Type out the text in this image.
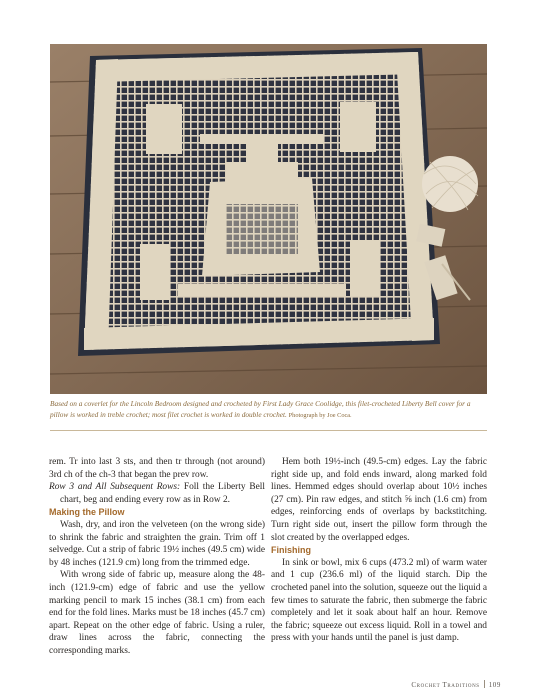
Based on a coverlet for the Lincoln Bedroom designed and crocheted by First Lady Grace Coolidge, this filet-crocheted Liberty Bell cover for a pillow is worked in treble crochet; most filet crochet is worked in double crochet. Photograph by Joe Coca.

rem. Tr into last 3 sts, and then tr through (not around) 3rd ch of the ch-3 that began the prev row.

Row 3 and All Subsequent Rows: Foll the Liberty Bell chart, beg and ending every row as in Row 2.

Making the Pillow

Wash, dry, and iron the velveteen (on the wrong side) to shrink the fabric and straighten the grain. Trim off 1 selvedge. Cut a strip of fabric 19½ inches (49.5 cm) wide by 48 inches (121.9 cm) long from the trimmed edge.

With wrong side of fabric up, measure along the 48-inch (121.9-cm) edge of fabric and use the yellow marking pencil to mark 15 inches (38.1 cm) from each end for the fold lines. Marks must be 18 inches (45.7 cm) apart. Repeat on the other edge of fabric. Using a ruler, draw lines across the fabric, connecting the corresponding marks.

Hem both 19½-inch (49.5-cm) edges. Lay the fabric right side up, and fold ends inward, along marked fold lines. Hemmed edges should overlap about 10½ inches (27 cm). Pin raw edges, and stitch ⅝ inch (1.6 cm) from edges, reinforcing ends of overlaps by backstitching. Turn right side out, insert the pillow form through the slot created by the overlapped edges.

Finishing

In sink or bowl, mix 6 cups (473.2 ml) of warm water and 1 cup (236.6 ml) of the liquid starch. Dip the crocheted panel into the solution, squeeze out the liquid a few times to saturate the fabric, then submerge the fabric completely and let it soak about half an hour. Remove the fabric; squeeze out excess liquid. Roll in a towel and press with your hands until the panel is just damp.

Crochet Traditions 109
